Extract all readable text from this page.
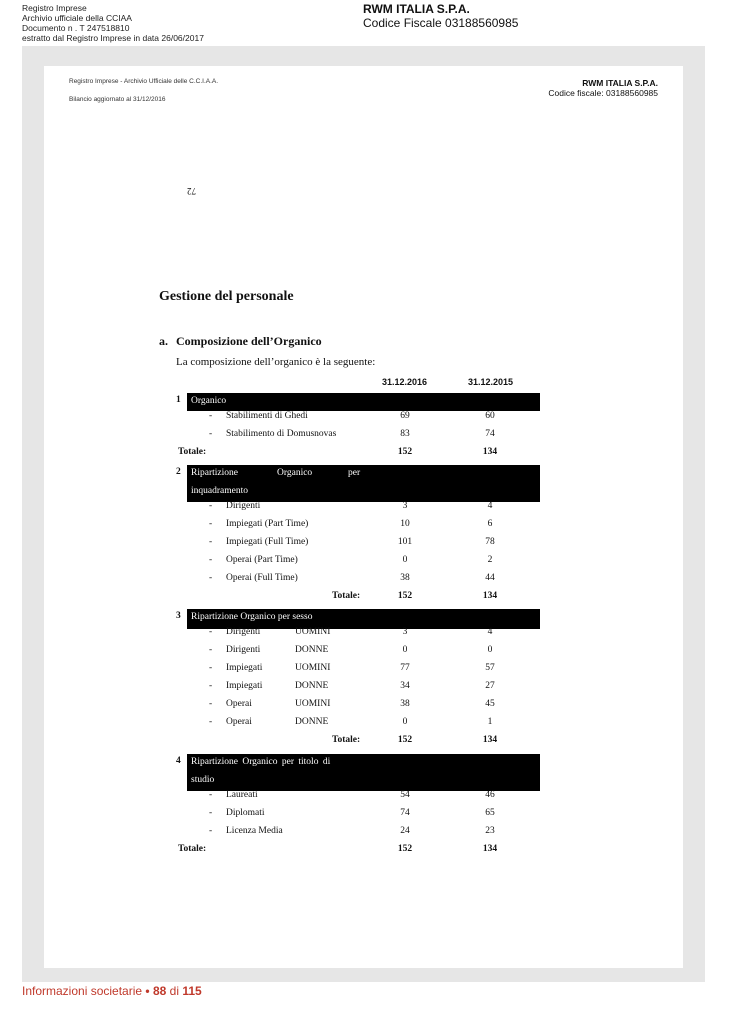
Registro Imprese
Archivio ufficiale della CCIAA
Documento n . T 247518810
estratto dal Registro Imprese in data 26/06/2017
RWM ITALIA S.P.A.
Codice Fiscale 03188560985
Registro Imprese - Archivio Ufficiale delle C.C.I.A.A.
Bilancio aggiornato al 31/12/2016
RWM ITALIA S.P.A.
Codice fiscale: 03188560985
72
Gestione del personale
a. Composizione dell’Organico
La composizione dell’organico è la seguente:
31.12.2016	31.12.2015
1 Organico
- Stabilimenti di Ghedi	69	60
- Stabilimento di Domusnovas	83	74
Totale:	152	134
2 Ripartizione	Organico	per
inquadramento
- Dirigenti	3	4
- Impiegati (Part Time)	10	6
- Impiegati (Full Time)	101	78
- Operai (Part Time)	0	2
- Operai (Full Time)	38	44
Totale:	152	134
3 Ripartizione Organico per sesso
- Dirigenti	UOMINI	3	4
- Dirigenti	DONNE	0	0
- Impiegati	UOMINI	77	57
- Impiegati	DONNE	34	27
- Operai	UOMINI	38	45
- Operai	DONNE	0	1
Totale:	152	134
4 Ripartizione Organico per titolo di
studio
- Laureati	54	46
- Diplomati	74	65
- Licenza Media	24	23
Totale:	152	134
Informazioni societarie • 88 di 115
